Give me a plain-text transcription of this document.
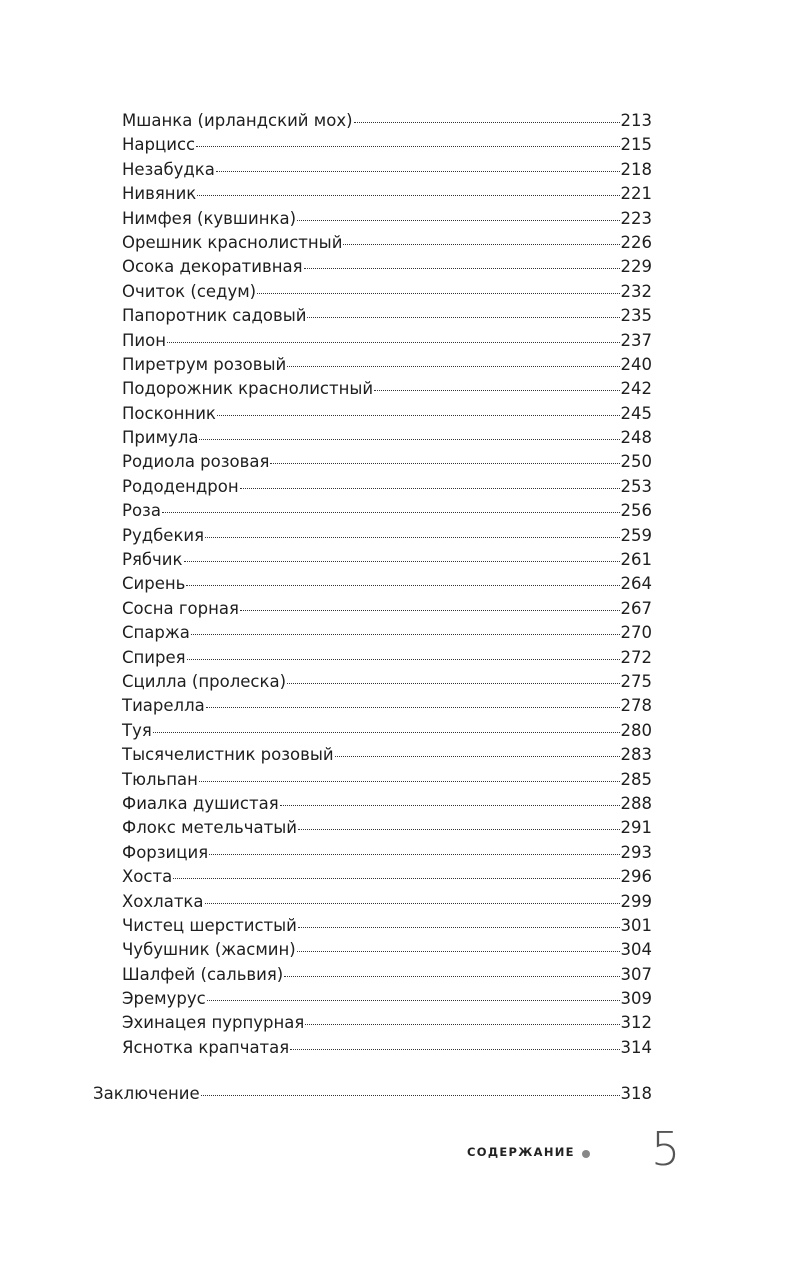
Мшанка (ирландский мох)	213
Нарцисс	215
Незабудка	218
Нивяник	221
Нимфея (кувшинка)	223
Орешник краснолистный	226
Осока декоративная	229
Очиток (седум)	232
Папоротник садовый	235
Пион	237
Пиретрум розовый	240
Подорожник краснолистный	242
Посконник	245
Примула	248
Родиола розовая	250
Рододендрон	253
Роза	256
Рудбекия	259
Рябчик	261
Сирень	264
Сосна горная	267
Спаржа	270
Спирея	272
Сцилла (пролеска)	275
Тиарелла	278
Туя	280
Тысячелистник розовый	283
Тюльпан	285
Фиалка душистая	288
Флокс метельчатый	291
Форзиция	293
Хоста	296
Хохлатка	299
Чистец шерстистый	301
Чубушник (жасмин)	304
Шалфей (сальвия)	307
Эремурус	309
Эхинацея пурпурная	312
Яснотка крапчатая	314
Заключение	318
СОДЕРЖАНИЕ 5
